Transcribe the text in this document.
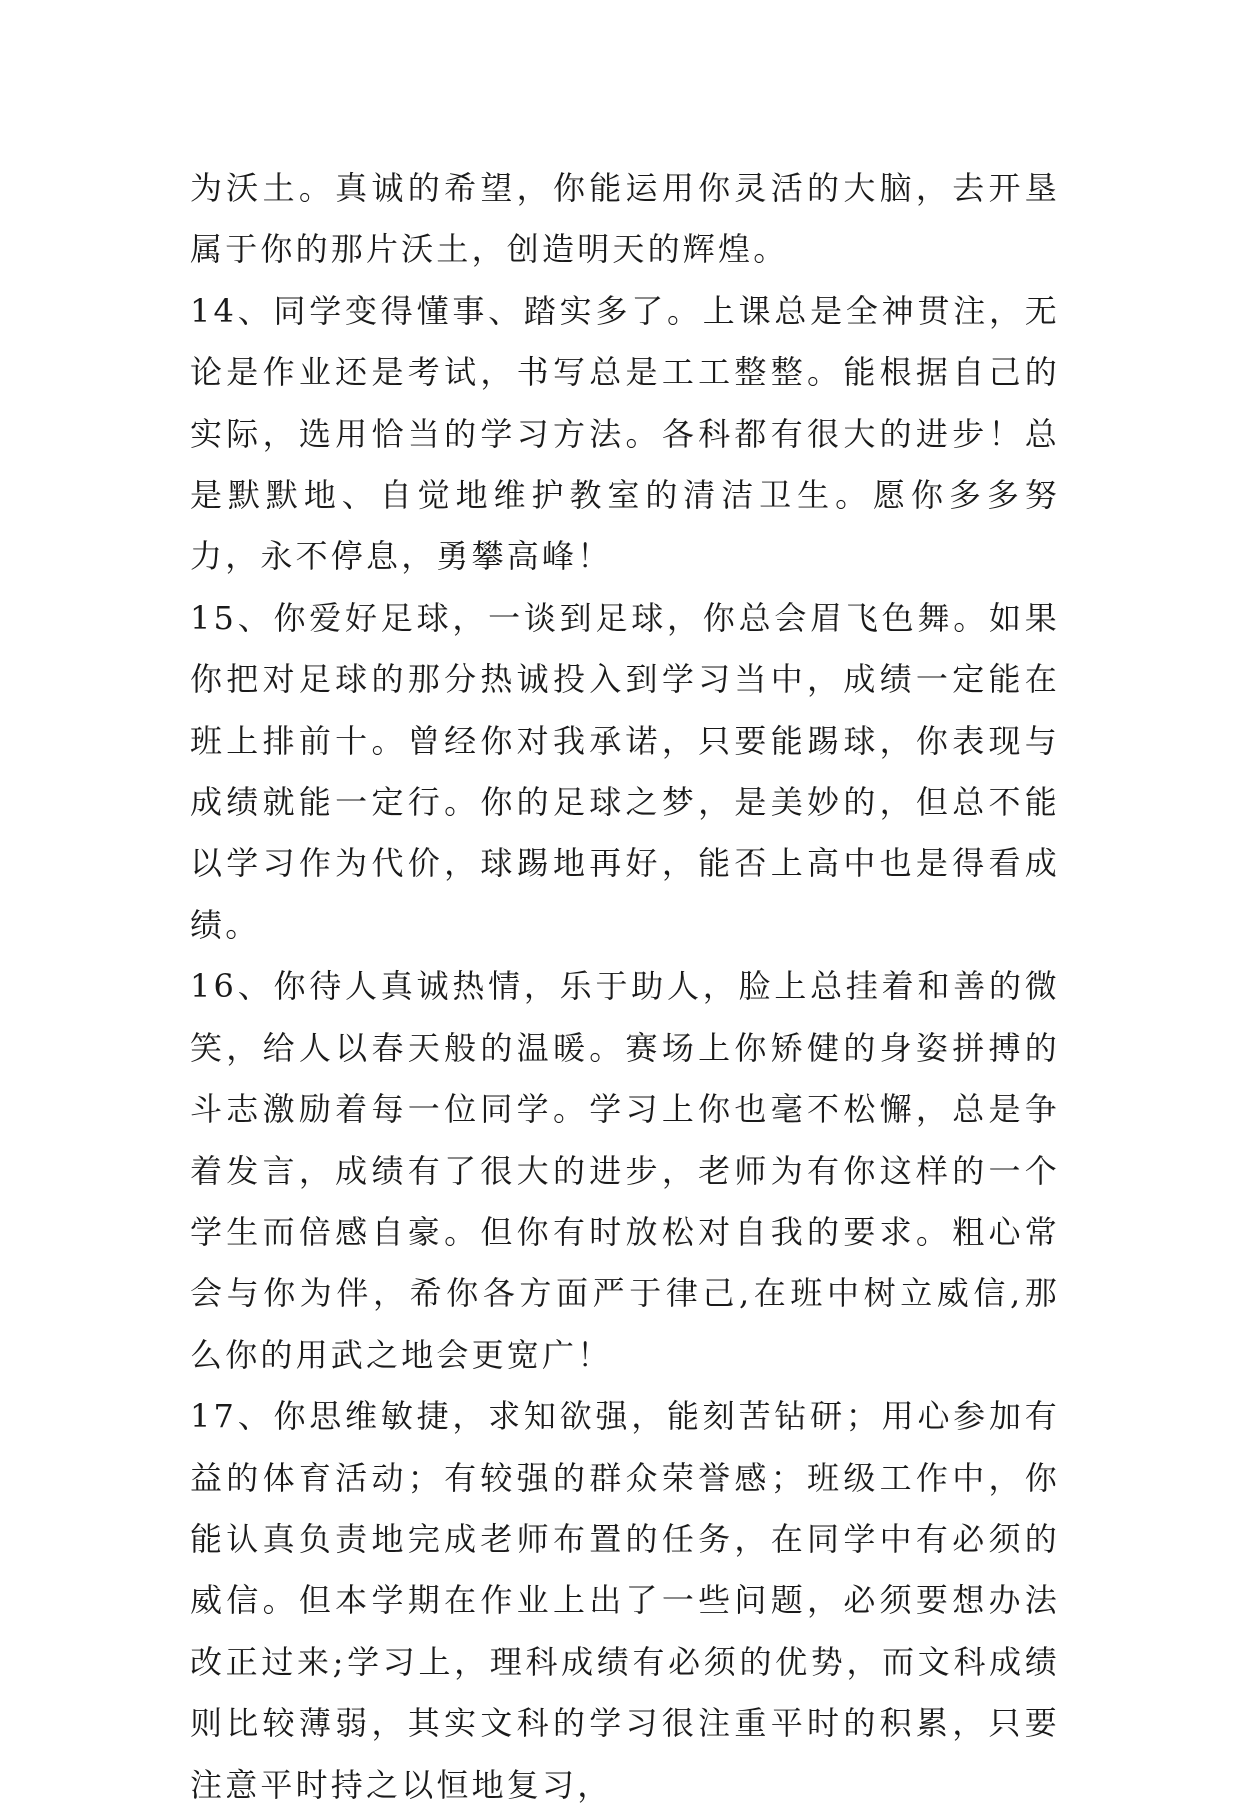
为沃土。真诚的希望，你能运用你灵活的大脑，去开垦属于你的那片沃土，创造明天的辉煌。

14、同学变得懂事、踏实多了。上课总是全神贯注，无论是作业还是考试，书写总是工工整整。能根据自己的实际，选用恰当的学习方法。各科都有很大的进步！总是默默地、自觉地维护教室的清洁卫生。愿你多多努力，永不停息，勇攀高峰！

15、你爱好足球，一谈到足球，你总会眉飞色舞。如果你把对足球的那分热诚投入到学习当中，成绩一定能在班上排前十。曾经你对我承诺，只要能踢球，你表现与成绩就能一定行。你的足球之梦，是美妙的，但总不能以学习作为代价，球踢地再好，能否上高中也是得看成绩。

16、你待人真诚热情，乐于助人，脸上总挂着和善的微笑，给人以春天般的温暖。赛场上你矫健的身姿拼搏的斗志激励着每一位同学。学习上你也毫不松懈，总是争着发言，成绩有了很大的进步，老师为有你这样的一个学生而倍感自豪。但你有时放松对自我的要求。粗心常会与你为伴，希你各方面严于律己,在班中树立威信,那么你的用武之地会更宽广！

17、你思维敏捷，求知欲强，能刻苦钻研；用心参加有益的体育活动；有较强的群众荣誉感；班级工作中，你能认真负责地完成老师布置的任务，在同学中有必须的威信。但本学期在作业上出了一些问题，必须要想办法改正过来;学习上，理科成绩有必须的优势，而文科成绩则比较薄弱，其实文科的学习很注重平时的积累，只要注意平时持之以恒地复习，
